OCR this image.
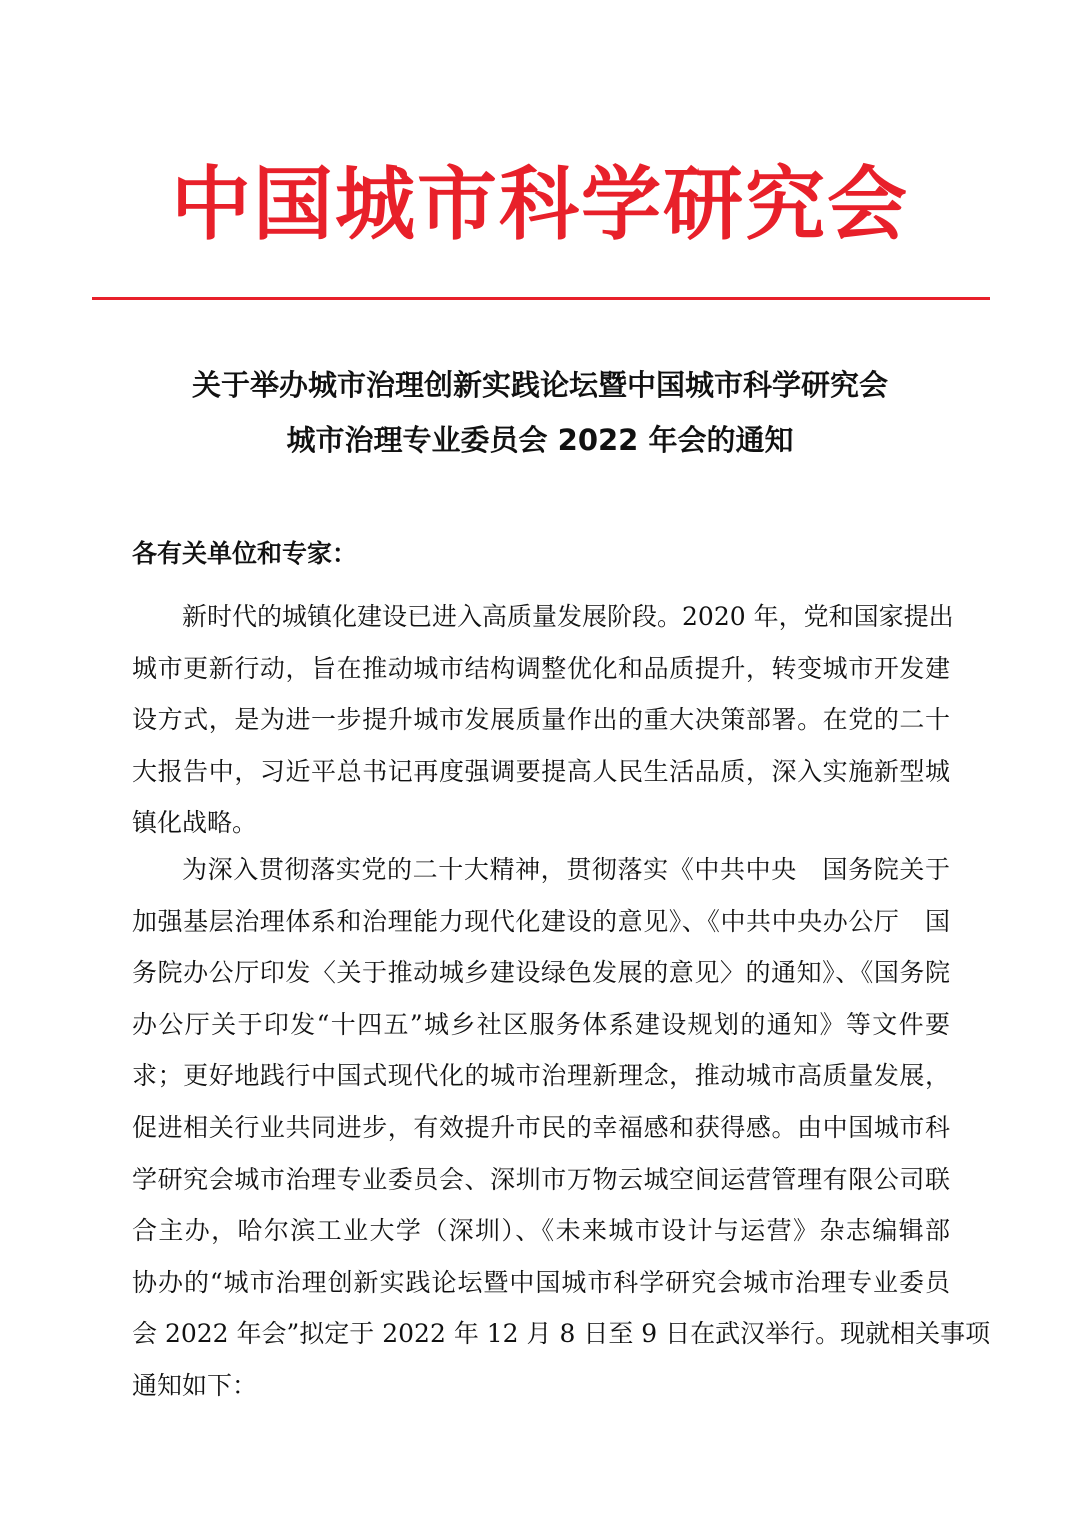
中国城市科学研究会
关于举办城市治理创新实践论坛暨中国城市科学研究会
城市治理专业委员会 2022 年会的通知
各有关单位和专家：
新时代的城镇化建设已进入高质量发展阶段。2020 年，党和国家提出
城市更新行动，旨在推动城市结构调整优化和品质提升，转变城市开发建
设方式，是为进一步提升城市发展质量作出的重大决策部署。在党的二十
大报告中，习近平总书记再度强调要提高人民生活品质，深入实施新型城
镇化战略。
为深入贯彻落实党的二十大精神，贯彻落实《中共中央　国务院关于
加强基层治理体系和治理能力现代化建设的意见》、《中共中央办公厅　国
务院办公厅印发〈关于推动城乡建设绿色发展的意见〉的通知》、《国务院
办公厅关于印发“十四五”城乡社区服务体系建设规划的通知》等文件要
求；更好地践行中国式现代化的城市治理新理念，推动城市高质量发展，
促进相关行业共同进步，有效提升市民的幸福感和获得感。由中国城市科
学研究会城市治理专业委员会、深圳市万物云城空间运营管理有限公司联
合主办，哈尔滨工业大学（深圳）、《未来城市设计与运营》杂志编辑部
协办的“城市治理创新实践论坛暨中国城市科学研究会城市治理专业委员
会 2022 年会”拟定于 2022 年 12 月 8 日至 9 日在武汉举行。现就相关事项
通知如下：
